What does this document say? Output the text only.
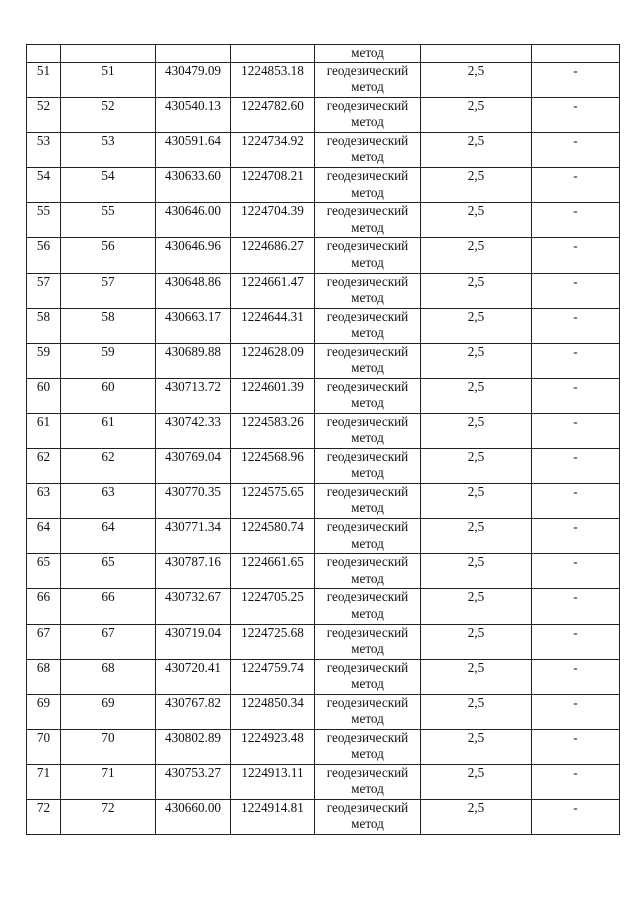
				метод		
51	51	430479.09	1224853.18	геодезический
метод	2,5	-
52	52	430540.13	1224782.60	геодезический
метод	2,5	-
53	53	430591.64	1224734.92	геодезический
метод	2,5	-
54	54	430633.60	1224708.21	геодезический
метод	2,5	-
55	55	430646.00	1224704.39	геодезический
метод	2,5	-
56	56	430646.96	1224686.27	геодезический
метод	2,5	-
57	57	430648.86	1224661.47	геодезический
метод	2,5	-
58	58	430663.17	1224644.31	геодезический
метод	2,5	-
59	59	430689.88	1224628.09	геодезический
метод	2,5	-
60	60	430713.72	1224601.39	геодезический
метод	2,5	-
61	61	430742.33	1224583.26	геодезический
метод	2,5	-
62	62	430769.04	1224568.96	геодезический
метод	2,5	-
63	63	430770.35	1224575.65	геодезический
метод	2,5	-
64	64	430771.34	1224580.74	геодезический
метод	2,5	-
65	65	430787.16	1224661.65	геодезический
метод	2,5	-
66	66	430732.67	1224705.25	геодезический
метод	2,5	-
67	67	430719.04	1224725.68	геодезический
метод	2,5	-
68	68	430720.41	1224759.74	геодезический
метод	2,5	-
69	69	430767.82	1224850.34	геодезический
метод	2,5	-
70	70	430802.89	1224923.48	геодезический
метод	2,5	-
71	71	430753.27	1224913.11	геодезический
метод	2,5	-
72	72	430660.00	1224914.81	геодезический
метод	2,5	-
